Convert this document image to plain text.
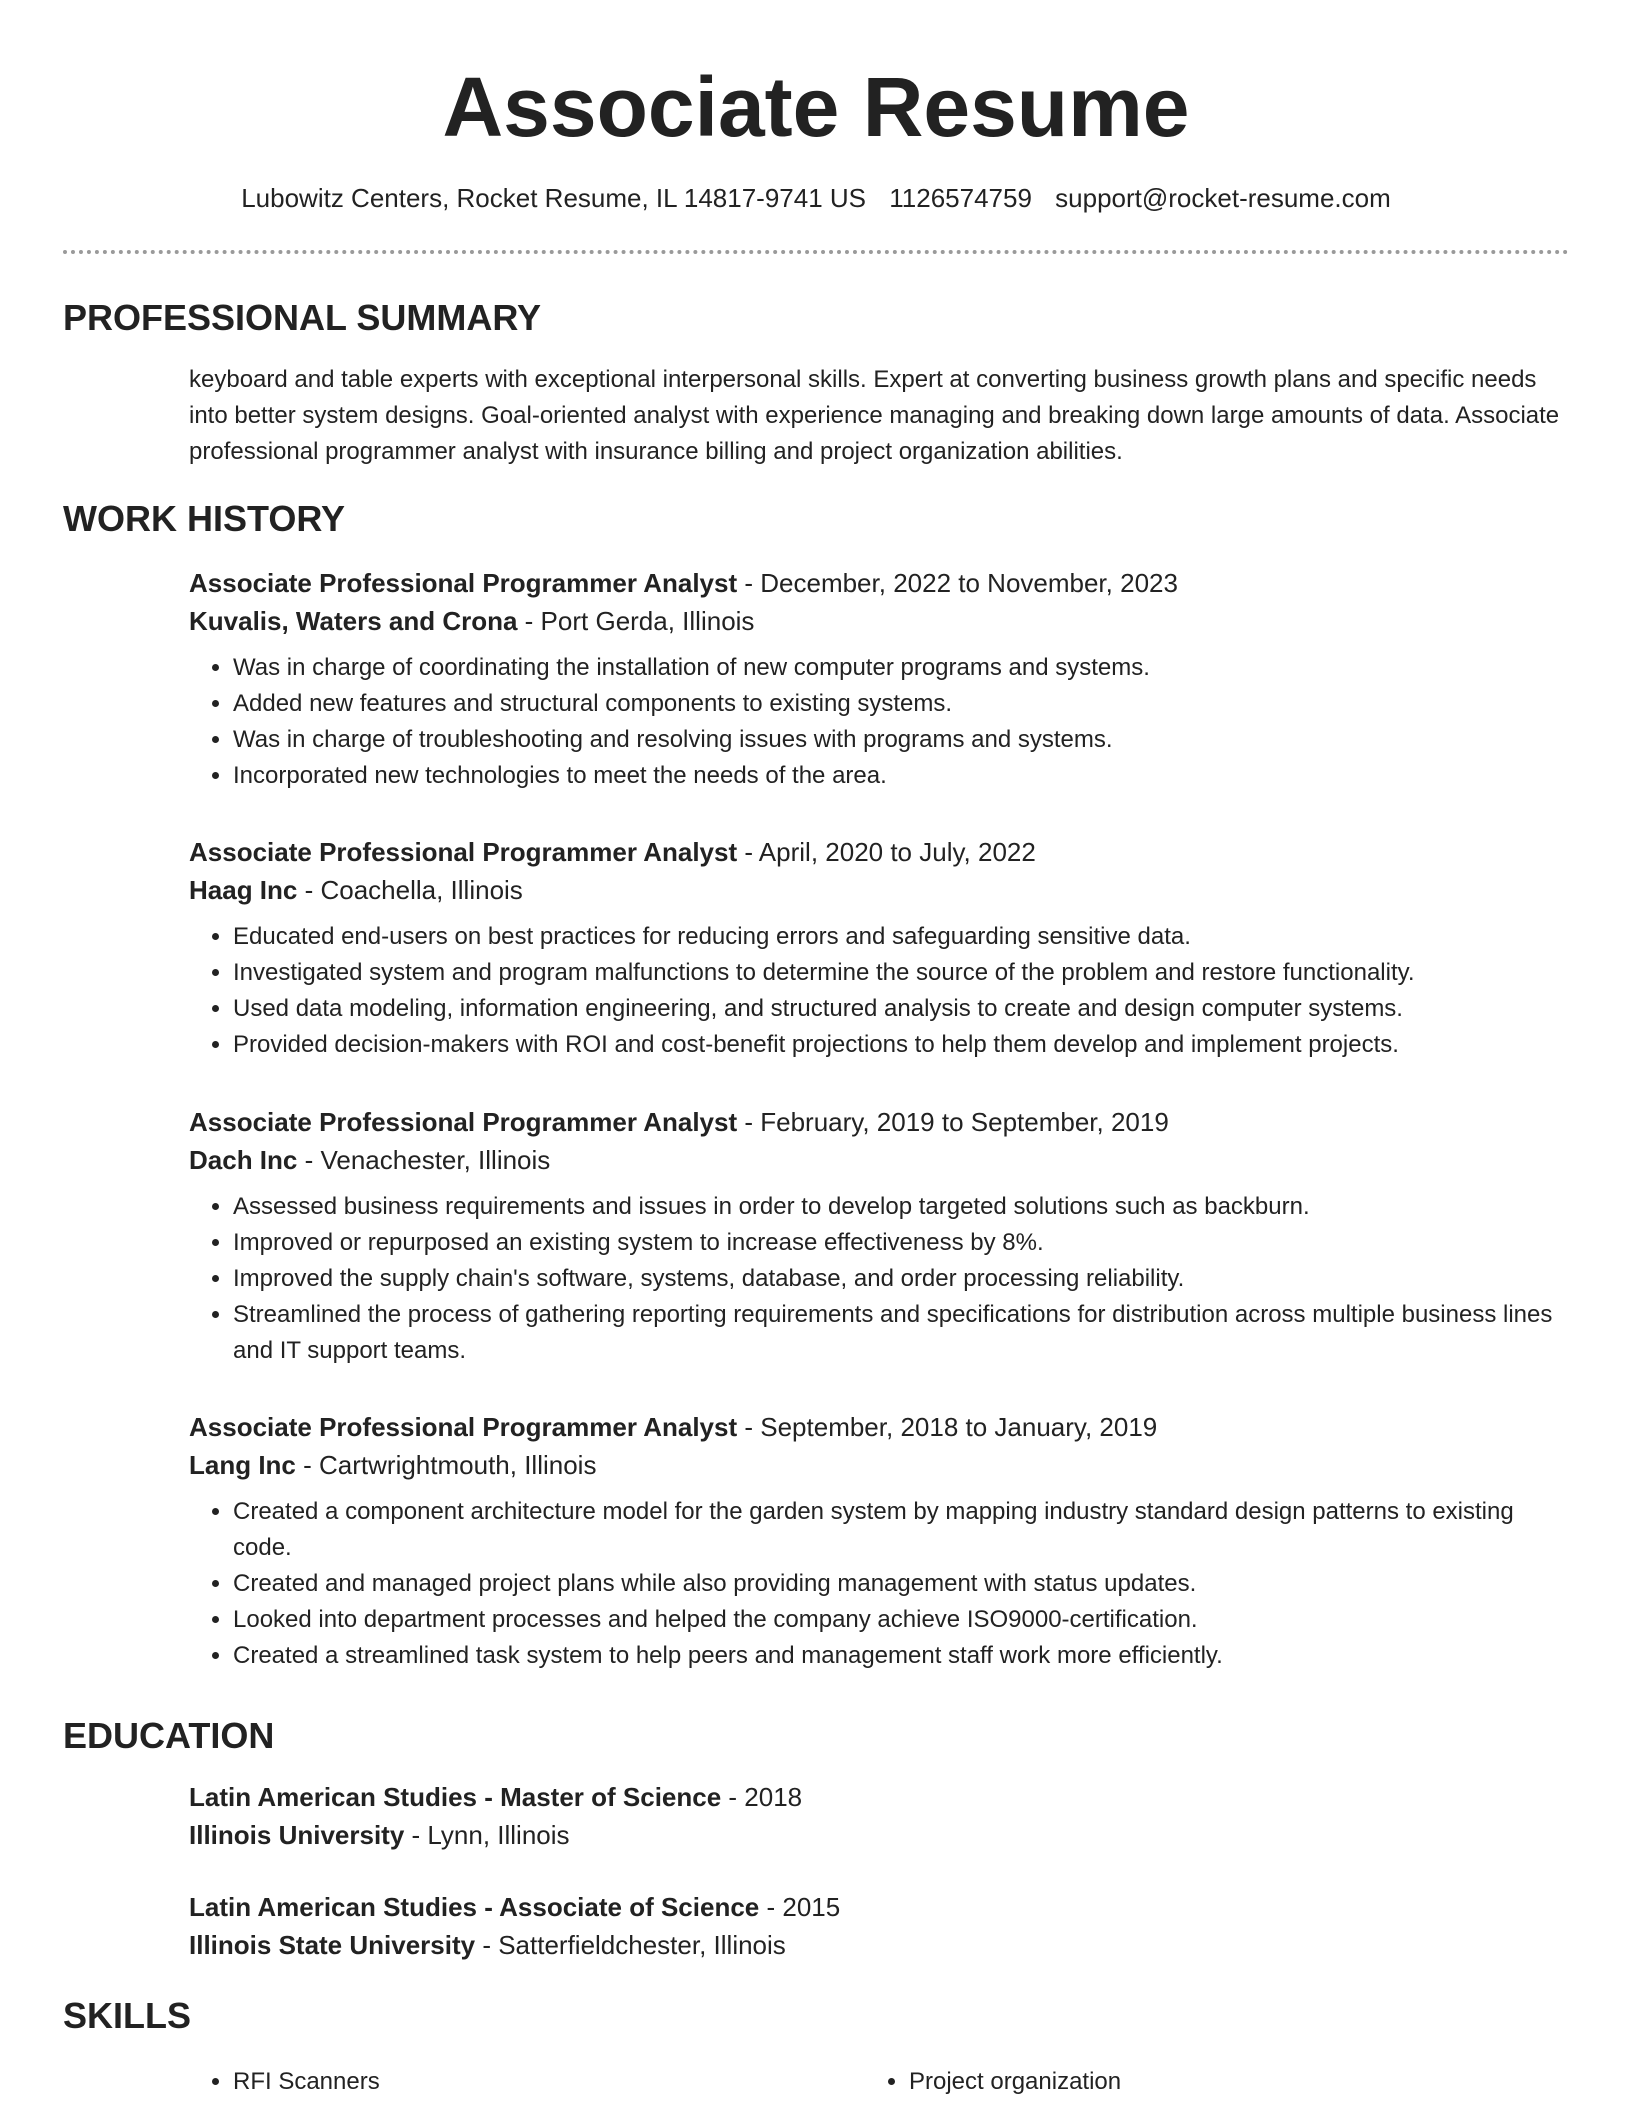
Associate Resume
Lubowitz Centers, Rocket Resume, IL 14817-9741 US 1126574759 support@rocket-resume.com
PROFESSIONAL SUMMARY
keyboard and table experts with exceptional interpersonal skills. Expert at converting business growth plans and specific needs into better system designs. Goal-oriented analyst with experience managing and breaking down large amounts of data. Associate professional programmer analyst with insurance billing and project organization abilities.
WORK HISTORY
Associate Professional Programmer Analyst - December, 2022 to November, 2023
Kuvalis, Waters and Crona - Port Gerda, Illinois
• Was in charge of coordinating the installation of new computer programs and systems.
• Added new features and structural components to existing systems.
• Was in charge of troubleshooting and resolving issues with programs and systems.
• Incorporated new technologies to meet the needs of the area.
Associate Professional Programmer Analyst - April, 2020 to July, 2022
Haag Inc - Coachella, Illinois
• Educated end-users on best practices for reducing errors and safeguarding sensitive data.
• Investigated system and program malfunctions to determine the source of the problem and restore functionality.
• Used data modeling, information engineering, and structured analysis to create and design computer systems.
• Provided decision-makers with ROI and cost-benefit projections to help them develop and implement projects.
Associate Professional Programmer Analyst - February, 2019 to September, 2019
Dach Inc - Venachester, Illinois
• Assessed business requirements and issues in order to develop targeted solutions such as backburn.
• Improved or repurposed an existing system to increase effectiveness by 8%.
• Improved the supply chain's software, systems, database, and order processing reliability.
• Streamlined the process of gathering reporting requirements and specifications for distribution across multiple business lines and IT support teams.
Associate Professional Programmer Analyst - September, 2018 to January, 2019
Lang Inc - Cartwrightmouth, Illinois
• Created a component architecture model for the garden system by mapping industry standard design patterns to existing code.
• Created and managed project plans while also providing management with status updates.
• Looked into department processes and helped the company achieve ISO9000-certification.
• Created a streamlined task system to help peers and management staff work more efficiently.
EDUCATION
Latin American Studies - Master of Science - 2018
Illinois University - Lynn, Illinois
Latin American Studies - Associate of Science - 2015
Illinois State University - Satterfieldchester, Illinois
SKILLS
• RFI Scanners
•	Project organization
